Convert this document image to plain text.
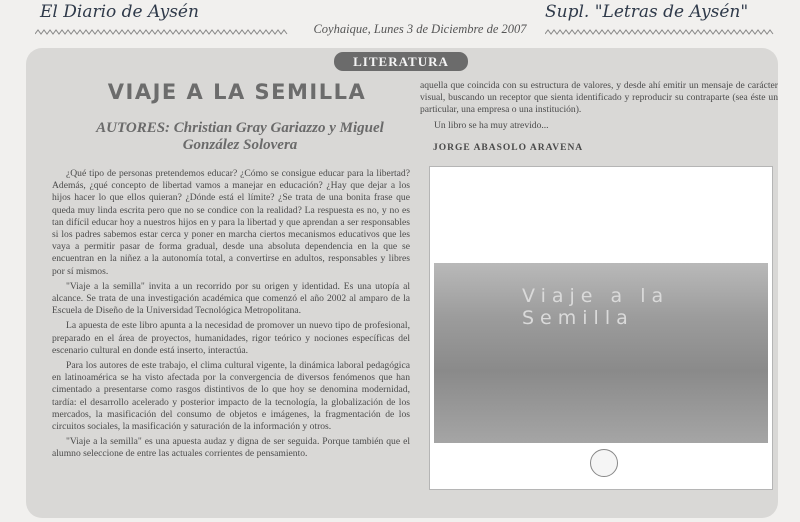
El Diario de Aysén
Coyhaique, Lunes 3 de Diciembre de 2007
Supl. "Letras de Aysén"
LITERATURA
VIAJE A LA SEMILLA
AUTORES: Christian Gray Gariazzo y Miguel
González Solovera

¿Qué tipo de personas pretendemos educar? ¿Cómo se consigue educar para la libertad? Además, ¿qué concepto de libertad vamos a manejar en educación? ¿Hay que dejar a los hijos hacer lo que ellos quieran? ¿Dónde está el límite? ¿Se trata de una bonita frase que queda muy linda escrita pero que no se condice con la realidad? La respuesta es no, y no es tan difícil educar hoy a nuestros hijos en y para la libertad y que aprendan a ser responsables si los padres sabemos estar cerca y poner en marcha ciertos mecanismos educativos que les vaya a permitir pasar de forma gradual, desde una absoluta dependencia en la que se encuentran en la niñez a la autonomía total, a convertirse en adultos, responsables y libres por sí mismos.

"Viaje a la semilla" invita a un recorrido por su origen y identidad. Es una utopía al alcance. Se trata de una investigación académica que comenzó el año 2002 al amparo de la Escuela de Diseño de la Universidad Tecnológica Metropolitana.

La apuesta de este libro apunta a la necesidad de promover un nuevo tipo de profesional, preparado en el área de proyectos, humanidades, rigor teórico y nociones específicas del escenario cultural en donde está inserto, interactúa.

Para los autores de este trabajo, el clima cultural vigente, la dinámica laboral pedagógica en latinoamérica se ha visto afectada por la convergencia de diversos fenómenos que han cimentado a presentarse como rasgos distintivos de lo que hoy se denomina modernidad, tardía: el desarrollo acelerado y posterior impacto de la tecnología, la globalización de los mercados, la masificación del consumo de objetos e imágenes, la fragmentación de los circuitos sociales, la masificación y saturación de la información y otros.

"Viaje a la semilla" es una apuesta audaz y digna de ser seguida. Porque también que el alumno seleccione de entre las actuales corrientes de pensamiento.

aquella que coincida con su estructura de valores, y desde ahí emitir un mensaje de carácter visual, buscando un receptor que sienta identificado y reproducir su contraparte (sea éste un particular, una empresa o una institución).

Un libro se ha muy atrevido...

JORGE ABASOLO ARAVENA
Viaje a la Semilla
